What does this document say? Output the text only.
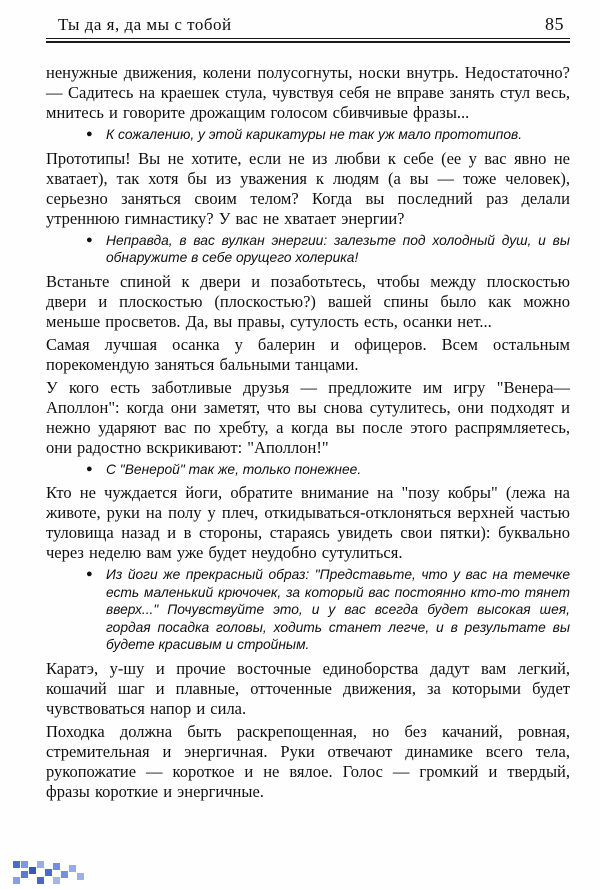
Ты да я, да мы с тобой	85
ненужные движения, колени полусогнуты, носки внутрь. Недостаточно? — Садитесь на краешек стула, чувствуя себя не вправе занять стул весь, мнитесь и говорите дрожащим голосом сбивчивые фразы...
● К сожалению, у этой карикатуры не так уж мало прототипов.
Прототипы! Вы не хотите, если не из любви к себе (ее у вас явно не хватает), так хотя бы из уважения к людям (а вы — тоже человек), серьезно заняться своим телом? Когда вы последний раз делали утреннюю гимнастику? У вас не хватает энергии?
● Неправда, в вас вулкан энергии: залезьте под холодный душ, и вы обнаружите в себе орущего холерика!
Встаньте спиной к двери и позаботьтесь, чтобы между плоскостью двери и плоскостью (плоскостью?) вашей спины было как можно меньше просветов. Да, вы правы, сутулость есть, осанки нет...
Самая лучшая осанка у балерин и офицеров. Всем остальным порекомендую заняться бальными танцами.
У кого есть заботливые друзья — предложите им игру "Венера—Аполлон": когда они заметят, что вы снова сутулитесь, они подходят и нежно ударяют вас по хребту, а когда вы после этого распрямляетесь, они радостно вскрикивают: "Аполлон!"
● С "Венерой" так же, только понежнее.
Кто не чуждается йоги, обратите внимание на "позу кобры" (лежа на животе, руки на полу у плеч, откидываться-отклоняться верхней частью туловища назад и в стороны, стараясь увидеть свои пятки): буквально через неделю вам уже будет неудобно сутулиться.
● Из йоги же прекрасный образ: "Представьте, что у вас на темечке есть маленький крючочек, за который вас постоянно кто-то тянет вверх..." Почувствуйте это, и у вас всегда будет высокая шея, гордая посадка головы, ходить станет легче, и в результате вы будете красивым и стройным.
Каратэ, у-шу и прочие восточные единоборства дадут вам легкий, кошачий шаг и плавные, отточенные движения, за которыми будет чувствоваться напор и сила.
Походка должна быть раскрепощенная, но без качаний, ровная, стремительная и энергичная. Руки отвечают динамике всего тела, рукопожатие — короткое и не вялое. Голос — громкий и твердый, фразы короткие и энергичные.
